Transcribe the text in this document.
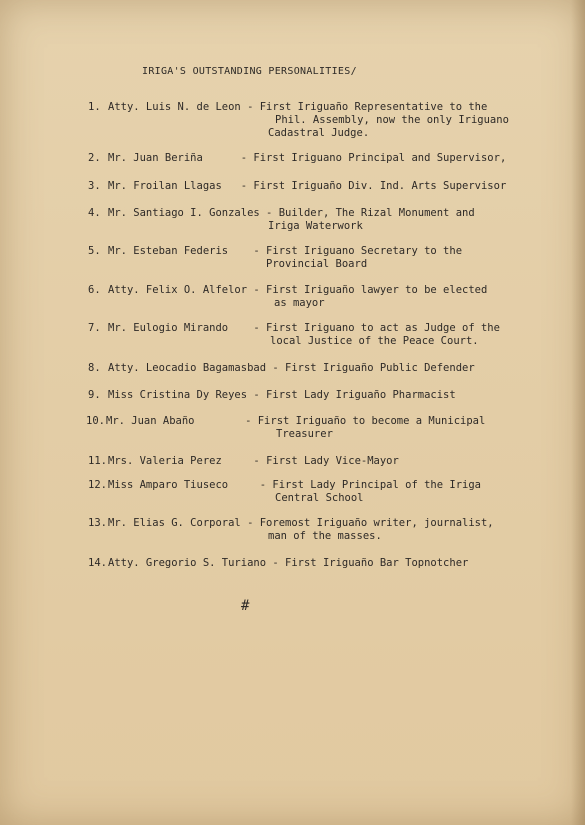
IRIGA'S OUTSTANDING PERSONALITIES/
1. Atty. Luis N. de Leon - First Iriguaño Representative to the
Phil. Assembly, now the only Iriguano
Cadastral Judge.
2. Mr. Juan Beriña      - First Iriguano Principal and Supervisor,
3. Mr. Froilan Llagas   - First Iriguaño Div. Ind. Arts Supervisor
4. Mr. Santiago I. Gonzales - Builder, The Rizal Monument and
Iriga Waterwork
5. Mr. Esteban Federis    - First Iriguano Secretary to the
Provincial Board
6. Atty. Felix O. Alfelor - First Iriguaño lawyer to be elected
as mayor
7. Mr. Eulogio Mirando    - First Iriguano to act as Judge of the
local Justice of the Peace Court.
8. Atty. Leocadio Bagamasbad - First Iriguaño Public Defender
9. Miss Cristina Dy Reyes - First Lady Iriguaño Pharmacist
10.Mr. Juan Abaño        - First Iriguaño to become a Municipal
Treasurer
11.Mrs. Valeria Perez     - First Lady Vice-Mayor
12.Miss Amparo Tiuseco     - First Lady Principal of the Iriga
Central School
13.Mr. Elias G. Corporal - Foremost Iriguaño writer, journalist,
man of the masses.
14.Atty. Gregorio S. Turiano - First Iriguaño Bar Topnotcher
#
